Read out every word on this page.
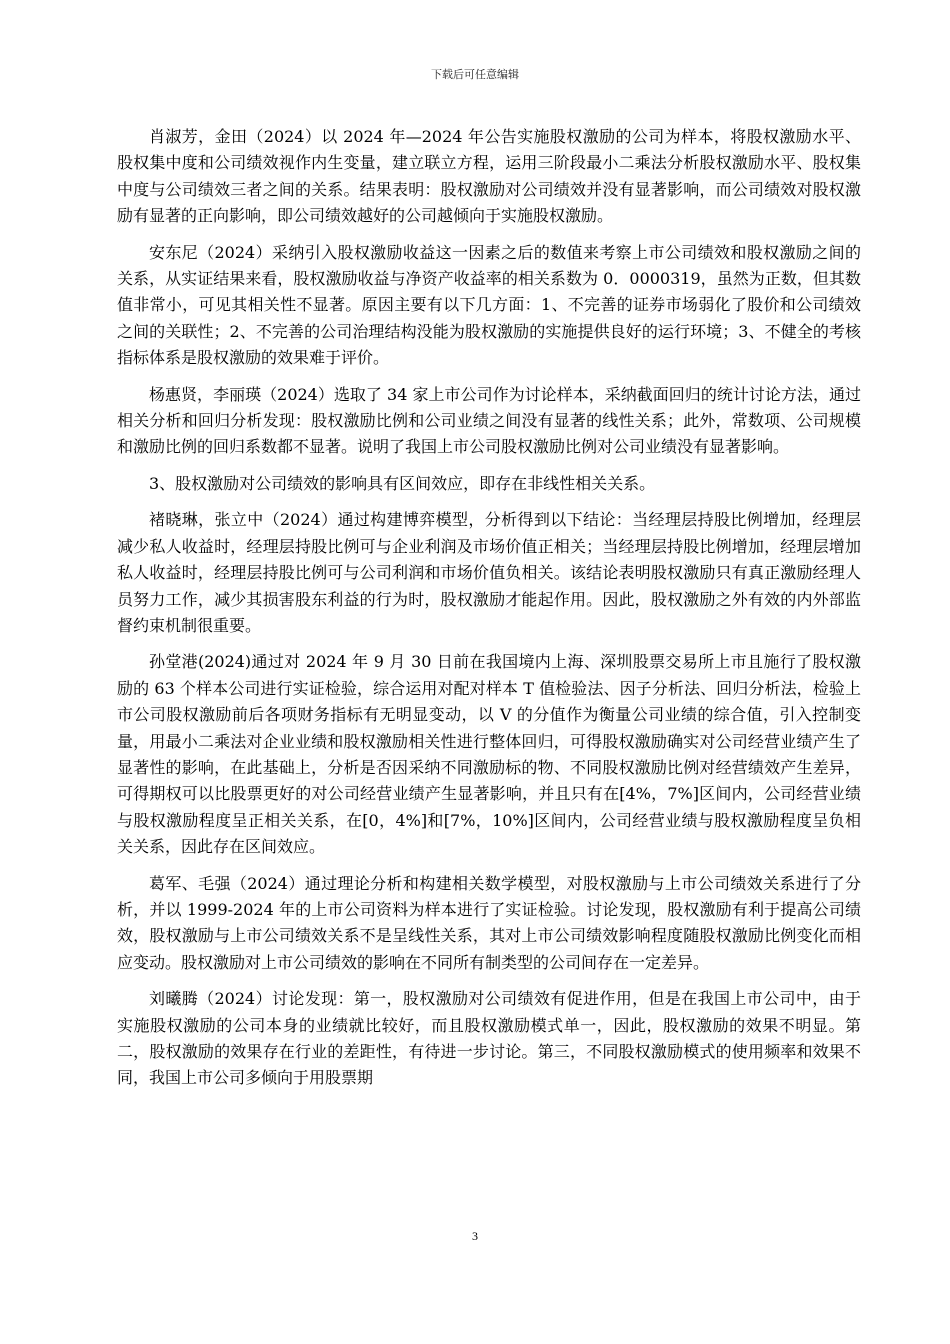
下载后可任意编辑

肖淑芳，金田（2024）以 2024 年—2024 年公告实施股权激励的公司为样本，将股权激励水平、股权集中度和公司绩效视作内生变量，建立联立方程，运用三阶段最小二乘法分析股权激励水平、股权集中度与公司绩效三者之间的关系。结果表明：股权激励对公司绩效并没有显著影响，而公司绩效对股权激励有显著的正向影响，即公司绩效越好的公司越倾向于实施股权激励。

安东尼（2024）采纳引入股权激励收益这一因素之后的数值来考察上市公司绩效和股权激励之间的关系，从实证结果来看，股权激励收益与净资产收益率的相关系数为 0．0000319，虽然为正数，但其数值非常小，可见其相关性不显著。原因主要有以下几方面：1、不完善的证券市场弱化了股价和公司绩效之间的关联性；2、不完善的公司治理结构没能为股权激励的实施提供良好的运行环境；3、不健全的考核指标体系是股权激励的效果难于评价。

杨惠贤，李丽瑛（2024）选取了 34 家上市公司作为讨论样本，采纳截面回归的统计讨论方法，通过相关分析和回归分析发现：股权激励比例和公司业绩之间没有显著的线性关系；此外，常数项、公司规模和激励比例的回归系数都不显著。说明了我国上市公司股权激励比例对公司业绩没有显著影响。

3、股权激励对公司绩效的影响具有区间效应，即存在非线性相关关系。

褚晓琳，张立中（2024）通过构建博弈模型，分析得到以下结论：当经理层持股比例增加，经理层减少私人收益时，经理层持股比例可与企业利润及市场价值正相关；当经理层持股比例增加，经理层增加私人收益时，经理层持股比例可与公司利润和市场价值负相关。该结论表明股权激励只有真正激励经理人员努力工作，减少其损害股东利益的行为时，股权激励才能起作用。因此，股权激励之外有效的内外部监督约束机制很重要。

孙堂港(2024)通过对 2024 年 9 月 30 日前在我国境内上海、深圳股票交易所上市且施行了股权激励的 63 个样本公司进行实证检验，综合运用对配对样本 T 值检验法、因子分析法、回归分析法，检验上市公司股权激励前后各项财务指标有无明显变动，以 V 的分值作为衡量公司业绩的综合值，引入控制变量，用最小二乘法对企业业绩和股权激励相关性进行整体回归，可得股权激励确实对公司经营业绩产生了显著性的影响，在此基础上，分析是否因采纳不同激励标的物、不同股权激励比例对经营绩效产生差异，可得期权可以比股票更好的对公司经营业绩产生显著影响，并且只有在[4%，7%]区间内，公司经营业绩与股权激励程度呈正相关关系，在[0，4%]和[7%，10%]区间内，公司经营业绩与股权激励程度呈负相关关系，因此存在区间效应。

葛军、毛强（2024）通过理论分析和构建相关数学模型，对股权激励与上市公司绩效关系进行了分析，并以 1999-2024 年的上市公司资料为样本进行了实证检验。讨论发现，股权激励有利于提高公司绩效，股权激励与上市公司绩效关系不是呈线性关系，其对上市公司绩效影响程度随股权激励比例变化而相应变动。股权激励对上市公司绩效的影响在不同所有制类型的公司间存在一定差异。

刘曦腾（2024）讨论发现：第一，股权激励对公司绩效有促进作用，但是在我国上市公司中，由于实施股权激励的公司本身的业绩就比较好，而且股权激励模式单一，因此，股权激励的效果不明显。第二，股权激励的效果存在行业的差距性，有待进一步讨论。第三，不同股权激励模式的使用频率和效果不同，我国上市公司多倾向于用股票期

3
